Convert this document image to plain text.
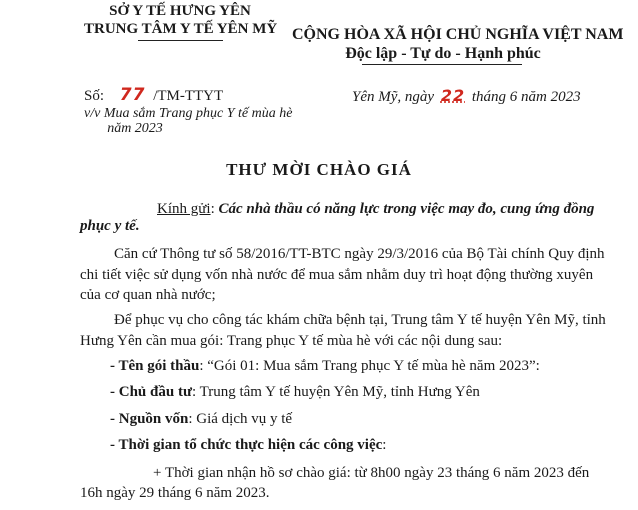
SỞ Y TẾ HƯNG YÊN
TRUNG TÂM Y TẾ YÊN MỸ
Số: 77 /TM-TTYT
v/v Mua sắm Trang phục Y tế mùa hè
năm 2023
CỘNG HÒA XÃ HỘI CHỦ NGHĨA VIỆT NAM
Độc lập - Tự do - Hạnh phúc
Yên Mỹ, ngày 22 tháng 6 năm 2023
THƯ MỜI CHÀO GIÁ
Kính gửi: Các nhà thầu có năng lực trong việc may đo, cung ứng đồng
phục y tế.
Căn cứ Thông tư số 58/2016/TT-BTC ngày 29/3/2016 của Bộ Tài chính Quy định
chi tiết việc sử dụng vốn nhà nước để mua sắm nhằm duy trì hoạt động thường xuyên
của cơ quan nhà nước;
Để phục vụ cho công tác khám chữa bệnh tại, Trung tâm Y tế huyện Yên Mỹ, tỉnh
Hưng Yên cần mua gói: Trang phục Y tế mùa hè với các nội dung sau:
- Tên gói thầu: “Gói 01: Mua sắm Trang phục Y tế mùa hè năm 2023”:
- Chủ đầu tư: Trung tâm Y tế huyện Yên Mỹ, tỉnh Hưng Yên
- Nguồn vốn: Giá dịch vụ y tế
- Thời gian tổ chức thực hiện các công việc:
+ Thời gian nhận hồ sơ chào giá: từ 8h00 ngày 23 tháng 6 năm 2023 đến
16h ngày 29 tháng 6 năm 2023.
